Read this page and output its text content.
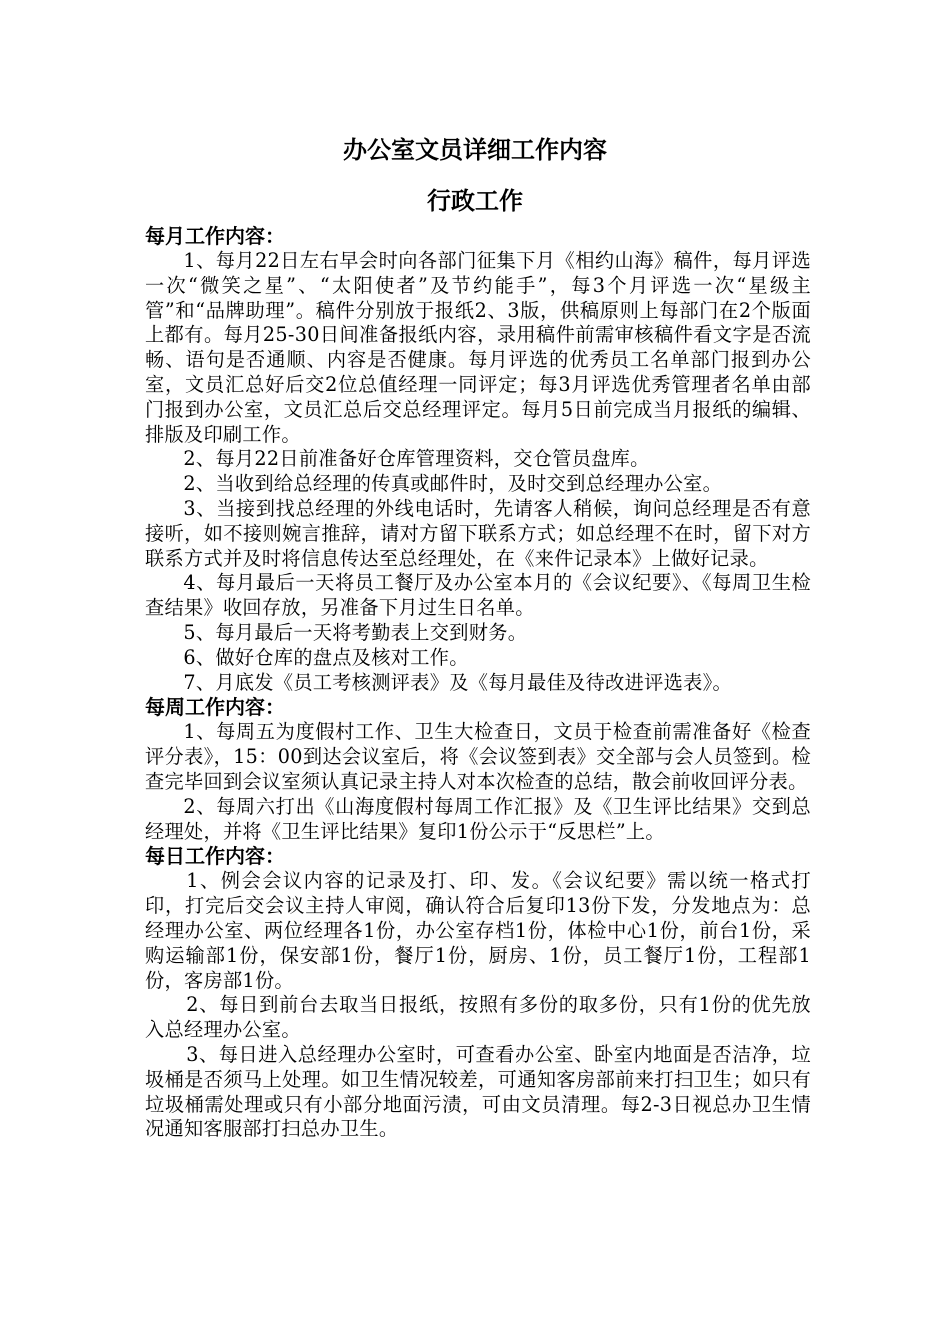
办公室文员详细工作内容
行政工作

每月工作内容：

1、每月22日左右早会时向各部门征集下月《相约山海》稿件，每月评选一次“微笑之星”、“太阳使者”及节约能手”，每3个月评选一次“星级主管”和“品牌助理”。稿件分别放于报纸2、3版，供稿原则上每部门在2个版面上都有。每月25-30日间准备报纸内容，录用稿件前需审核稿件看文字是否流畅、语句是否通顺、内容是否健康。每月评选的优秀员工名单部门报到办公室，文员汇总好后交2位总值经理一同评定；每3月评选优秀管理者名单由部门报到办公室，文员汇总后交总经理评定。每月5日前完成当月报纸的编辑、排版及印刷工作。

2、每月22日前准备好仓库管理资料，交仓管员盘库。

2、当收到给总经理的传真或邮件时，及时交到总经理办公室。

3、当接到找总经理的外线电话时，先请客人稍候，询问总经理是否有意接听，如不接则婉言推辞，请对方留下联系方式；如总经理不在时，留下对方联系方式并及时将信息传达至总经理处，在《来件记录本》上做好记录。

4、每月最后一天将员工餐厅及办公室本月的《会议纪要》、《每周卫生检查结果》收回存放，另准备下月过生日名单。

5、每月最后一天将考勤表上交到财务。

6、做好仓库的盘点及核对工作。

7、月底发《员工考核测评表》及《每月最佳及待改进评选表》。

每周工作内容：

1、每周五为度假村工作、卫生大检查日，文员于检查前需准备好《检查评分表》，15：00到达会议室后，将《会议签到表》交全部与会人员签到。检查完毕回到会议室须认真记录主持人对本次检查的总结，散会前收回评分表。

2、每周六打出《山海度假村每周工作汇报》及《卫生评比结果》交到总经理处，并将《卫生评比结果》复印1份公示于“反思栏”上。

每日工作内容：

1、例会会议内容的记录及打、印、发。《会议纪要》需以统一格式打印，打完后交会议主持人审阅，确认符合后复印13份下发，分发地点为：总经理办公室、两位经理各1份，办公室存档1份，体检中心1份，前台1份，采购运输部1份，保安部1份，餐厅1份，厨房、1份，员工餐厅1份，工程部1份，客房部1份。

2、每日到前台去取当日报纸，按照有多份的取多份，只有1份的优先放入总经理办公室。

3、每日进入总经理办公室时，可查看办公室、卧室内地面是否洁净，垃圾桶是否须马上处理。如卫生情况较差，可通知客房部前来打扫卫生；如只有垃圾桶需处理或只有小部分地面污渍，可由文员清理。每2-3日视总办卫生情况通知客服部打扫总办卫生。
